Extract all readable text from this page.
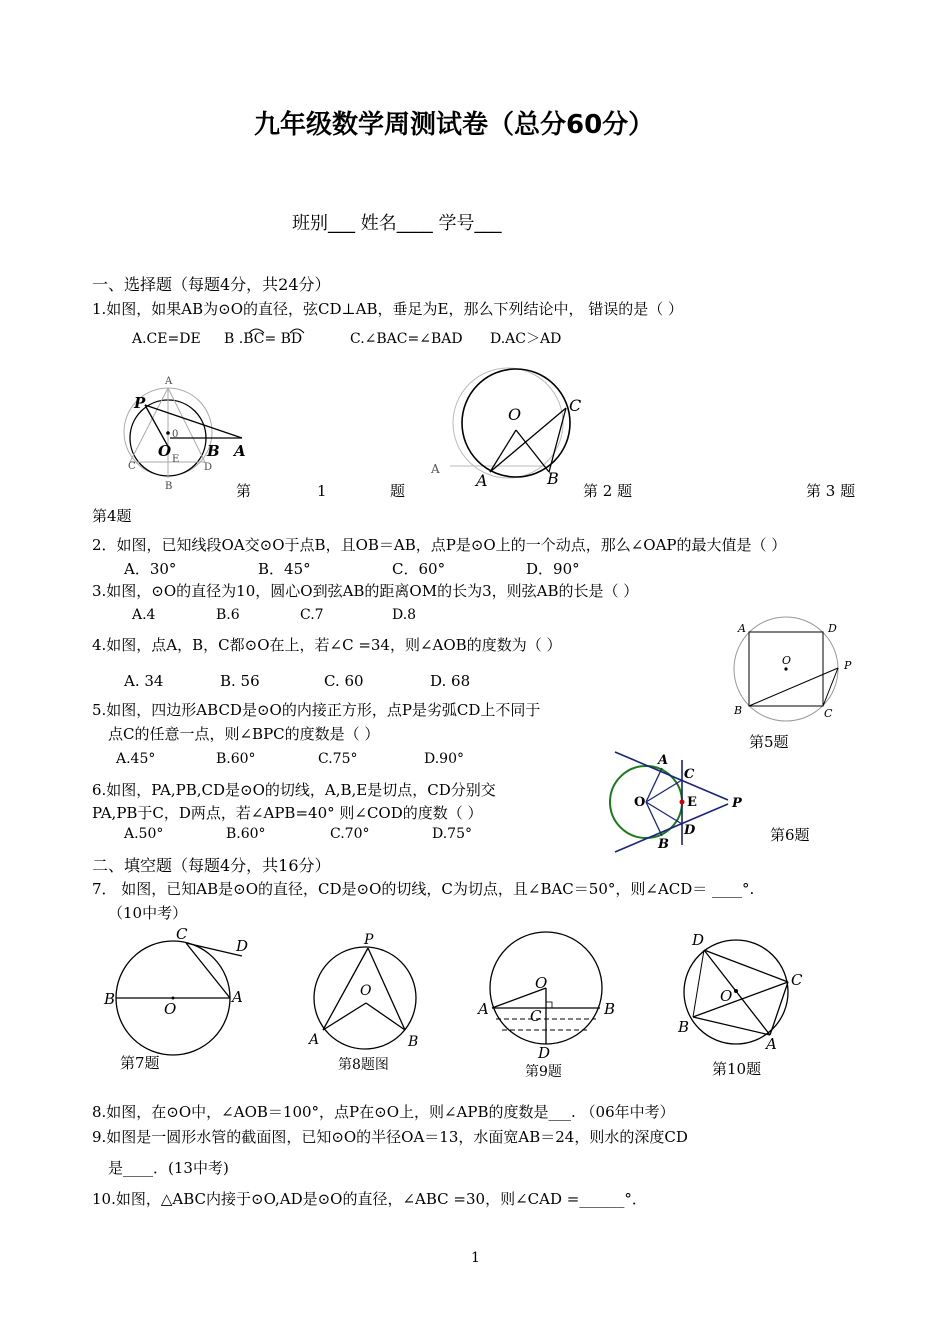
九年级数学周测试卷（总分60分）
班别___ 姓名____ 学号___
一、选择题（每题4分，共24分）
1.如图，如果AB为⊙O的直径，弦CD⊥AB，垂足为E，那么下列结论中， 错误的是（ ）
A.CE=DE B .BC= BD	C.∠BAC=∠BAD D.AC＞AD
P
O B A
A
0
C
E
D
B
O	C
A
A	B
A	D
O	P
B	C
A
C
O	E	P
D
B
C
D
B
O
A
P
O
A	B
O
A	C	B
D
D
O
C
B
A
第	1	题	第 2 题	第 3 题
第4题
2．如图，已知线段OA交⊙O于点B，且OB＝AB，点P是⊙O上的一个动点，那么∠OAP的最大值是（ ）
A．30°	B．45°	C．60°	D．90°
3.如图，⊙O的直径为10，圆心O到弦AB的距离OM的长为3，则弦AB的长是（ ）
A.4	B.6	C.7	D.8
4.如图，点A，B，C都⊙O在上，若∠C =34，则∠AOB的度数为（ ）
A. 34	B. 56	C. 60	D. 68
5.如图，四边形ABCD是⊙O的内接正方形，点P是劣弧CD上不同于
点C的任意一点，则∠BPC的度数是（ ）
A.45°	B.60°	C.75°	D.90°
第5题
6.如图，PA,PB,CD是⊙O的切线，A,B,E是切点，CD分别交
PA,PB于C，D两点，若∠APB=40° 则∠COD的度数（ ）
A.50°	B.60°	C.70°	D.75°	第6题
二、填空题（每题4分，共16分）
7． 如图，已知AB是⊙O的直径，CD是⊙O的切线，C为切点，且∠BAC＝50°，则∠ACD＝ ____°.
（10中考）
第7题	第8题图	第9题	第10题
8.如图，在⊙O中，∠AOB＝100°，点P在⊙O上，则∠APB的度数是___. （06年中考）
9.如图是一圆形水管的截面图，已知⊙O的半径OA＝13，水面宽AB＝24，则水的深度CD
是____．(13中考)
10.如图，△ABC内接于⊙O,AD是⊙O的直径，∠ABC =30，则∠CAD =______°．
1
